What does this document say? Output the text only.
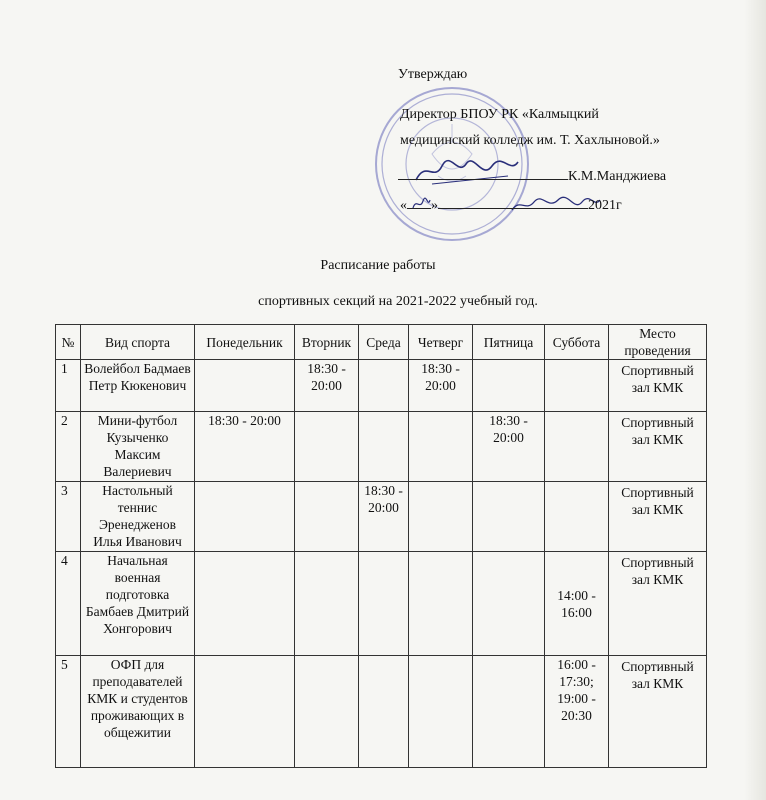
Утверждаю
Директор БПОУ РК «Калмыцкий
медицинский колледж им. Т. Хахлыновой.»
К.М.Манджиева
« »	2021г
Расписание работы
спортивных секций на 2021-2022 учебный год.
№	Вид спорта	Понедельник	Вторник	Среда	Четверг	Пятница	Суббота	Место проведения
1	Волейбол Бадмаев Петр Кюкенович		18:30 - 20:00		18:30 - 20:00			Спортивный зал КМК
2	Мини-футбол Кузыченко Максим Валериевич	18:30 - 20:00				18:30 - 20:00		Спортивный зал КМК
3	Настольный теннис Эренедженов Илья Иванович			18:30 - 20:00				Спортивный зал КМК
4	Начальная военная подготовка Бамбаев Дмитрий Хонгорович						14:00 - 16:00	Спортивный зал КМК
5	ОФП для преподавателей КМК и студентов проживающих в общежитии						16:00 - 17:30; 19:00 - 20:30	Спортивный зал КМК
